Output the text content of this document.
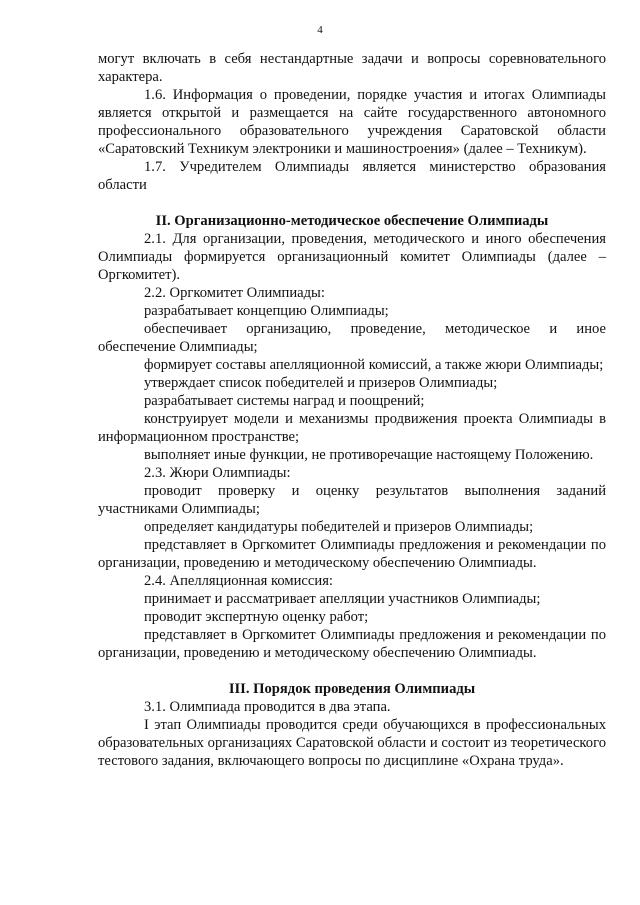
4

могут включать в себя нестандартные задачи и вопросы соревновательного характера.

1.6. Информация о проведении, порядке участия и итогах Олимпиады является открытой и размещается на сайте государственного автономного профессионального образовательного учреждения Саратовской области «Саратовский Техникум электроники и машиностроения» (далее – Техникум).

1.7. Учредителем Олимпиады является министерство образования области

II. Организационно-методическое обеспечение Олимпиады

2.1. Для организации, проведения, методического и иного обеспечения Олимпиады формируется организационный комитет Олимпиады (далее – Оргкомитет).

2.2. Оргкомитет Олимпиады:

разрабатывает концепцию Олимпиады;

обеспечивает организацию, проведение, методическое и иное обеспечение Олимпиады;

формирует составы апелляционной комиссий, а также жюри Олимпиады;

утверждает список победителей и призеров Олимпиады;

разрабатывает системы наград и поощрений;

конструирует модели и механизмы продвижения проекта Олимпиады в информационном пространстве;

выполняет иные функции, не противоречащие настоящему Положению.

2.3. Жюри Олимпиады:

проводит проверку и оценку результатов выполнения заданий участниками Олимпиады;

определяет кандидатуры победителей и призеров Олимпиады;

представляет в Оргкомитет Олимпиады предложения и рекомендации по организации, проведению и методическому обеспечению Олимпиады.

2.4. Апелляционная комиссия:

принимает и рассматривает апелляции участников Олимпиады;

проводит экспертную оценку работ;

представляет в Оргкомитет Олимпиады предложения и рекомендации по организации, проведению и методическому обеспечению Олимпиады.

III. Порядок проведения Олимпиады

3.1. Олимпиада проводится в два этапа.

I этап Олимпиады проводится среди обучающихся в профессиональных образовательных организациях Саратовской области и состоит из теоретического тестового задания, включающего вопросы по дисциплине «Охрана труда».
